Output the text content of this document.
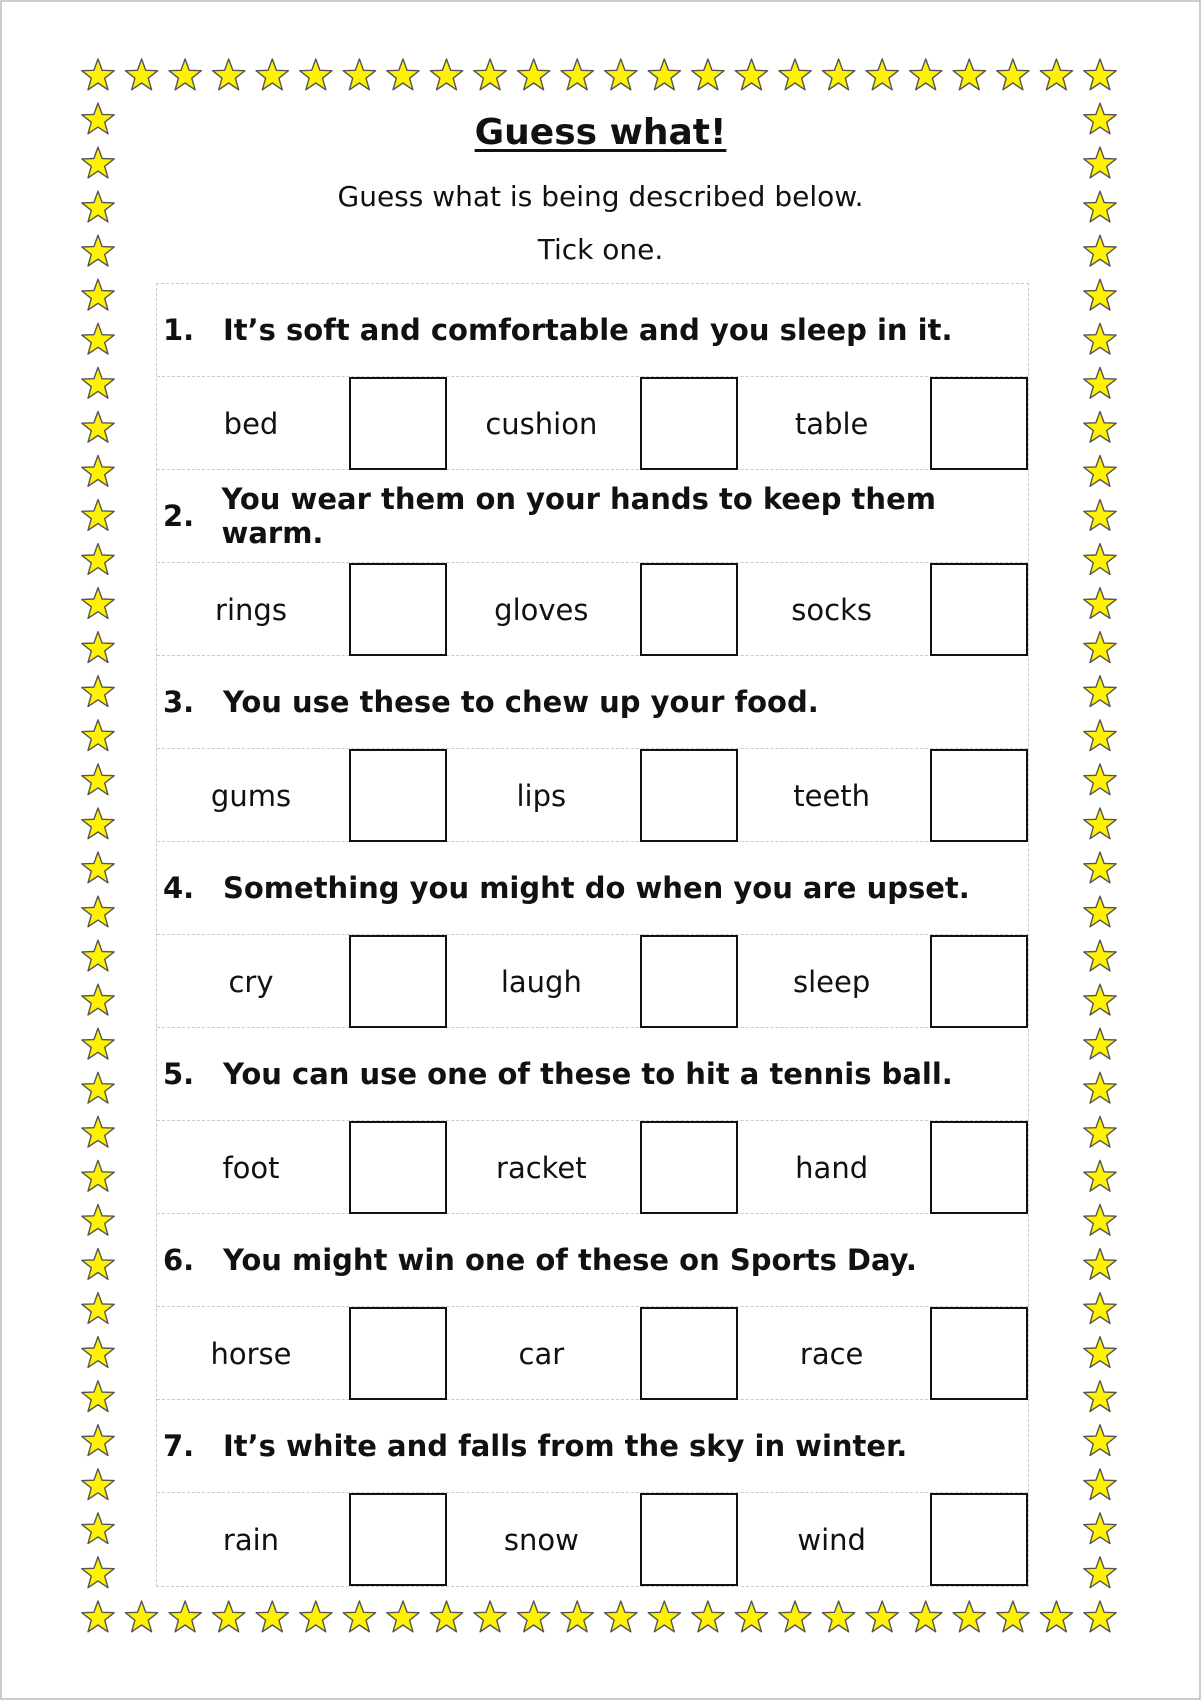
Guess what!
Guess what is being described below.
Tick one.
1. It’s soft and comfortable and you sleep in it.
bed	cushion	table
2. You wear them on your hands to keep them warm.
rings	gloves	socks
3. You use these to chew up your food.
gums	lips	teeth
4. Something you might do when you are upset.
cry	laugh	sleep
5. You can use one of these to hit a tennis ball.
foot	racket	hand
6. You might win one of these on Sports Day.
horse	car	race
7. It’s white and falls from the sky in winter.
rain	snow	wind
